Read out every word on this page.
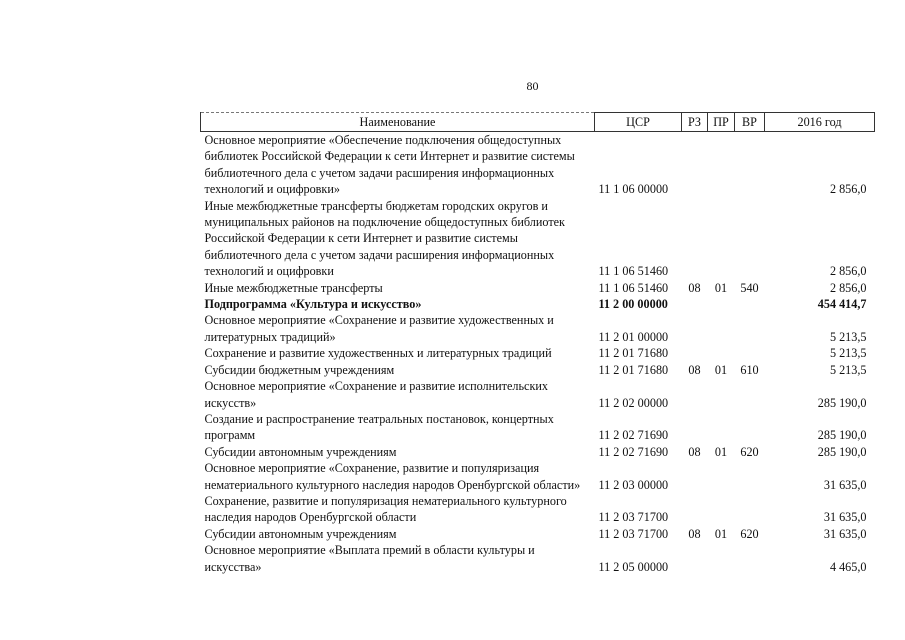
80
Наименование	ЦСР	РЗ	ПР	ВР	2016 год
Основное мероприятие «Обеспечение подключения общедоступных библиотек Российской Федерации к сети Интернет и развитие системы библиотечного дела с учетом задачи расширения информационных технологий и оцифровки»	11 1 06 00000				2 856,0
Иные межбюджетные трансферты бюджетам городских округов и муниципальных районов на подключение общедоступных библиотек Российской Федерации к сети Интернет и развитие системы библиотечного дела с учетом задачи расширения информационных технологий и оцифровки	11 1 06 51460				2 856,0
Иные межбюджетные трансферты	11 1 06 51460	08	01	540	2 856,0
Подпрограмма «Культура и искусство»	11 2 00 00000				454 414,7
Основное мероприятие «Сохранение и развитие художественных и литературных традиций»	11 2 01 00000				5 213,5
Сохранение и развитие художественных и литературных традиций	11 2 01 71680				5 213,5
Субсидии бюджетным учреждениям	11 2 01 71680	08	01	610	5 213,5
Основное мероприятие «Сохранение и развитие исполнительских искусств»	11 2 02 00000				285 190,0
Создание и распространение театральных постановок, концертных программ	11 2 02 71690				285 190,0
Субсидии автономным учреждениям	11 2 02 71690	08	01	620	285 190,0
Основное мероприятие «Сохранение, развитие и популяризация нематериального культурного наследия народов Оренбургской области»	11 2 03 00000				31 635,0
Сохранение, развитие и популяризация нематериального культурного наследия народов Оренбургской области	11 2 03 71700				31 635,0
Субсидии автономным учреждениям	11 2 03 71700	08	01	620	31 635,0
Основное мероприятие «Выплата премий в области культуры и искусства»	11 2 05 00000				4 465,0
